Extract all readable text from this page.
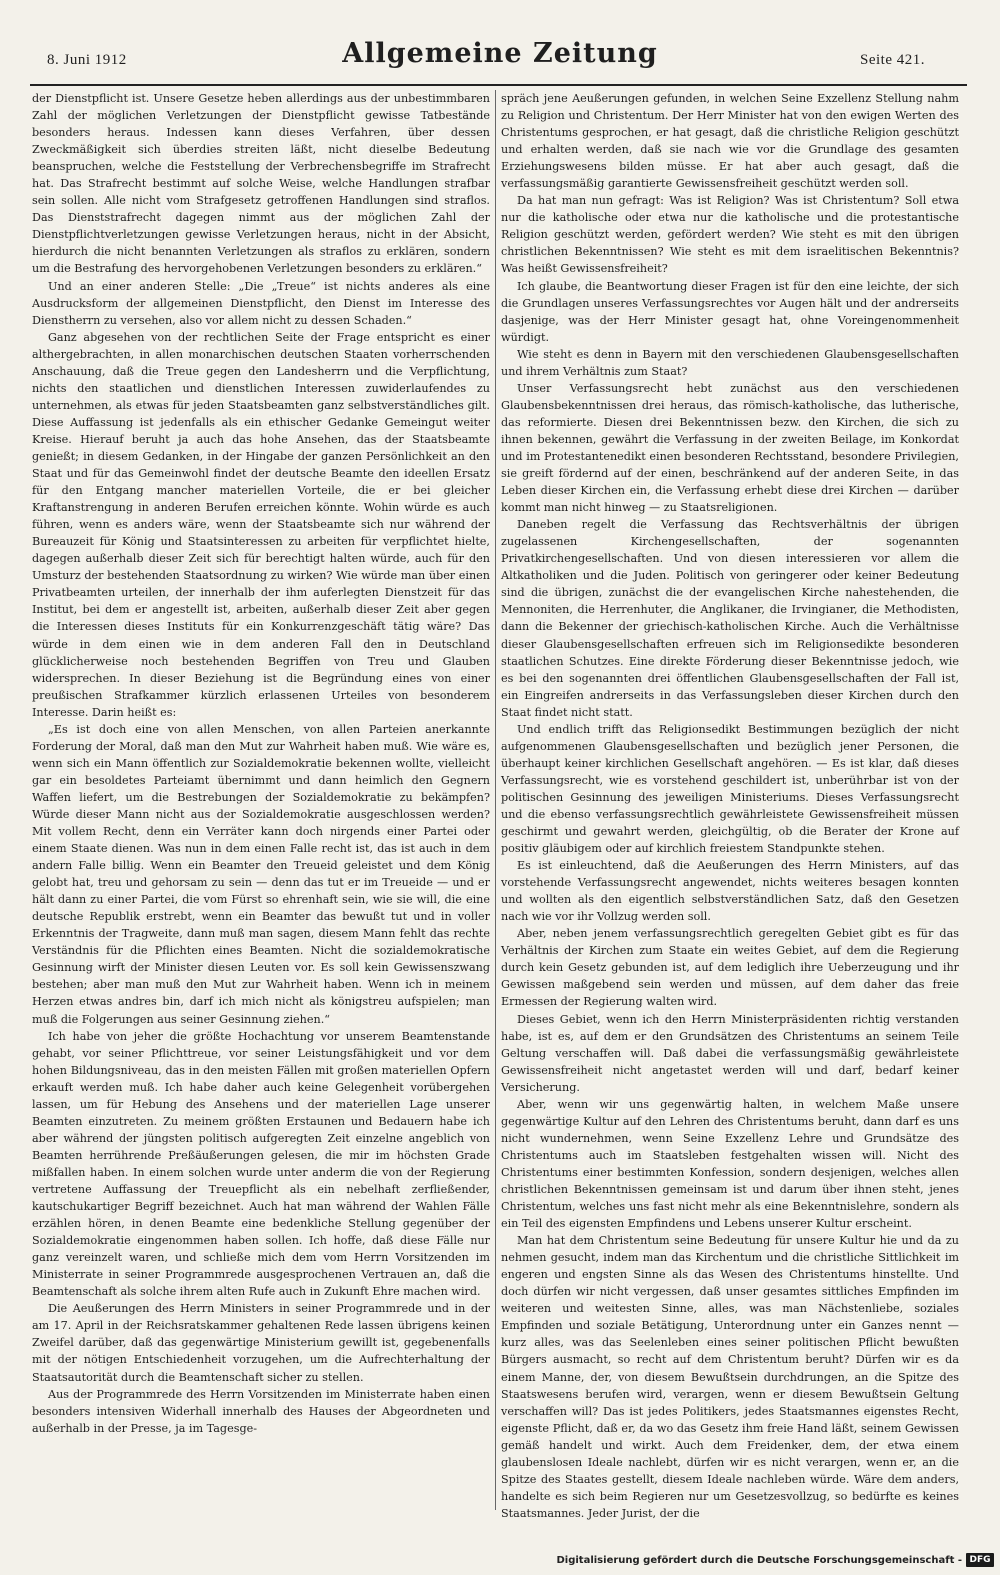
8. Juni 1912	Allgemeine Zeitung	Seite 421.

der Dienstpflicht ist. Unsere Gesetze heben allerdings aus der unbestimmbaren Zahl der möglichen Verletzungen der Dienstpflicht gewisse Tatbestände besonders heraus. Indessen kann dieses Verfahren, über dessen Zweckmäßigkeit sich überdies streiten läßt, nicht dieselbe Bedeutung beanspruchen, welche die Feststellung der Verbrechensbegriffe im Strafrecht hat. Das Strafrecht bestimmt auf solche Weise, welche Handlungen strafbar sein sollen. Alle nicht vom Strafgesetz getroffenen Handlungen sind straflos. Das Dienststrafrecht dagegen nimmt aus der möglichen Zahl der Dienstpflichtverletzungen gewisse Verletzungen heraus, nicht in der Absicht, hierdurch die nicht benannten Verletzungen als straflos zu erklären, sondern um die Bestrafung des hervorgehobenen Verletzungen besonders zu erklären.“

Und an einer anderen Stelle: „Die „Treue“ ist nichts anderes als eine Ausdrucksform der allgemeinen Dienstpflicht, den Dienst im Interesse des Dienstherrn zu versehen, also vor allem nicht zu dessen Schaden.“

Ganz abgesehen von der rechtlichen Seite der Frage entspricht es einer althergebrachten, in allen monarchischen deutschen Staaten vorherrschenden Anschauung, daß die Treue gegen den Landesherrn und die Verpflichtung, nichts den staatlichen und dienstlichen Interessen zuwiderlaufendes zu unternehmen, als etwas für jeden Staatsbeamten ganz selbstverständliches gilt. Diese Auffassung ist jedenfalls als ein ethischer Gedanke Gemeingut weiter Kreise. Hierauf beruht ja auch das hohe Ansehen, das der Staatsbeamte genießt; in diesem Gedanken, in der Hingabe der ganzen Persönlichkeit an den Staat und für das Gemeinwohl findet der deutsche Beamte den ideellen Ersatz für den Entgang mancher materiellen Vorteile, die er bei gleicher Kraftanstrengung in anderen Berufen erreichen könnte. Wohin würde es auch führen, wenn es anders wäre, wenn der Staatsbeamte sich nur während der Bureauzeit für König und Staatsinteressen zu arbeiten für verpflichtet hielte, dagegen außerhalb dieser Zeit sich für berechtigt halten würde, auch für den Umsturz der bestehenden Staatsordnung zu wirken? Wie würde man über einen Privatbeamten urteilen, der innerhalb der ihm auferlegten Dienstzeit für das Institut, bei dem er angestellt ist, arbeiten, außerhalb dieser Zeit aber gegen die Interessen dieses Instituts für ein Konkurrenzgeschäft tätig wäre? Das würde in dem einen wie in dem anderen Fall den in Deutschland glücklicherweise noch bestehenden Begriffen von Treu und Glauben widersprechen. In dieser Beziehung ist die Begründung eines von einer preußischen Strafkammer kürzlich erlassenen Urteiles von besonderem Interesse. Darin heißt es:

„Es ist doch eine von allen Menschen, von allen Parteien anerkannte Forderung der Moral, daß man den Mut zur Wahrheit haben muß. Wie wäre es, wenn sich ein Mann öffentlich zur Sozialdemokratie bekennen wollte, vielleicht gar ein besoldetes Parteiamt übernimmt und dann heimlich den Gegnern Waffen liefert, um die Bestrebungen der Sozialdemokratie zu bekämpfen? Würde dieser Mann nicht aus der Sozialdemokratie ausgeschlossen werden? Mit vollem Recht, denn ein Verräter kann doch nirgends einer Partei oder einem Staate dienen. Was nun in dem einen Falle recht ist, das ist auch in dem andern Falle billig. Wenn ein Beamter den Treueid geleistet und dem König gelobt hat, treu und gehorsam zu sein — denn das tut er im Treueide — und er hält dann zu einer Partei, die vom Fürst so ehrenhaft sein, wie sie will, die eine deutsche Republik erstrebt, wenn ein Beamter das bewußt tut und in voller Erkenntnis der Tragweite, dann muß man sagen, diesem Mann fehlt das rechte Verständnis für die Pflichten eines Beamten. Nicht die sozialdemokratische Gesinnung wirft der Minister diesen Leuten vor. Es soll kein Gewissenszwang bestehen; aber man muß den Mut zur Wahrheit haben. Wenn ich in meinem Herzen etwas andres bin, darf ich mich nicht als königstreu aufspielen; man muß die Folgerungen aus seiner Gesinnung ziehen.“

Ich habe von jeher die größte Hochachtung vor unserem Beamtenstande gehabt, vor seiner Pflichttreue, vor seiner Leistungsfähigkeit und vor dem hohen Bildungsniveau, das in den meisten Fällen mit großen materiellen Opfern erkauft werden muß. Ich habe daher auch keine Gelegenheit vorübergehen lassen, um für Hebung des Ansehens und der materiellen Lage unserer Beamten einzutreten. Zu meinem größten Erstaunen und Bedauern habe ich aber während der jüngsten politisch aufgeregten Zeit einzelne angeblich von Beamten herrührende Preßäußerungen gelesen, die mir im höchsten Grade mißfallen haben. In einem solchen wurde unter anderm die von der Regierung vertretene Auffassung der Treuepflicht als ein nebelhaft zerfließender, kautschukartiger Begriff bezeichnet. Auch hat man während der Wahlen Fälle erzählen hören, in denen Beamte eine bedenkliche Stellung gegenüber der Sozialdemokratie eingenommen haben sollen. Ich hoffe, daß diese Fälle nur ganz vereinzelt waren, und schließe mich dem vom Herrn Vorsitzenden im Ministerrate in seiner Programmrede ausgesprochenen Vertrauen an, daß die Beamtenschaft als solche ihrem alten Rufe auch in Zukunft Ehre machen wird.

Die Aeußerungen des Herrn Ministers in seiner Programmrede und in der am 17. April in der Reichsratskammer gehaltenen Rede lassen übrigens keinen Zweifel darüber, daß das gegenwärtige Ministerium gewillt ist, gegebenenfalls mit der nötigen Entschiedenheit vorzugehen, um die Aufrechterhaltung der Staatsautorität durch die Beamtenschaft sicher zu stellen.

Aus der Programmrede des Herrn Vorsitzenden im Ministerrate haben einen besonders intensiven Widerhall innerhalb des Hauses der Abgeordneten und außerhalb in der Presse, ja im Tagesge-

spräch jene Aeußerungen gefunden, in welchen Seine Exzellenz Stellung nahm zu Religion und Christentum. Der Herr Minister hat von den ewigen Werten des Christentums gesprochen, er hat gesagt, daß die christliche Religion geschützt und erhalten werden, daß sie nach wie vor die Grundlage des gesamten Erziehungswesens bilden müsse. Er hat aber auch gesagt, daß die verfassungsmäßig garantierte Gewissensfreiheit geschützt werden soll.

Da hat man nun gefragt: Was ist Religion? Was ist Christentum? Soll etwa nur die katholische oder etwa nur die katholische und die protestantische Religion geschützt werden, gefördert werden? Wie steht es mit den übrigen christlichen Bekenntnissen? Wie steht es mit dem israelitischen Bekenntnis? Was heißt Gewissensfreiheit?

Ich glaube, die Beantwortung dieser Fragen ist für den eine leichte, der sich die Grundlagen unseres Verfassungsrechtes vor Augen hält und der andrerseits dasjenige, was der Herr Minister gesagt hat, ohne Voreingenommenheit würdigt.

Wie steht es denn in Bayern mit den verschiedenen Glaubensgesellschaften und ihrem Verhältnis zum Staat?

Unser Verfassungsrecht hebt zunächst aus den verschiedenen Glaubensbekenntnissen drei heraus, das römisch-katholische, das lutherische, das reformierte. Diesen drei Bekenntnissen bezw. den Kirchen, die sich zu ihnen bekennen, gewährt die Verfassung in der zweiten Beilage, im Konkordat und im Protestantenedikt einen besonderen Rechtsstand, besondere Privilegien, sie greift fördernd auf der einen, beschränkend auf der anderen Seite, in das Leben dieser Kirchen ein, die Verfassung erhebt diese drei Kirchen — darüber kommt man nicht hinweg — zu Staatsreligionen.

Daneben regelt die Verfassung das Rechtsverhältnis der übrigen zugelassenen Kirchengesellschaften, der sogenannten Privatkirchengesellschaften. Und von diesen interessieren vor allem die Altkatholiken und die Juden. Politisch von geringerer oder keiner Bedeutung sind die übrigen, zunächst die der evangelischen Kirche nahestehenden, die Mennoniten, die Herrenhuter, die Anglikaner, die Irvingianer, die Methodisten, dann die Bekenner der griechisch-katholischen Kirche. Auch die Verhältnisse dieser Glaubensgesellschaften erfreuen sich im Religionsedikte besonderen staatlichen Schutzes. Eine direkte Förderung dieser Bekenntnisse jedoch, wie es bei den sogenannten drei öffentlichen Glaubensgesellschaften der Fall ist, ein Eingreifen andrerseits in das Verfassungsleben dieser Kirchen durch den Staat findet nicht statt.

Und endlich trifft das Religionsedikt Bestimmungen bezüglich der nicht aufgenommenen Glaubensgesellschaften und bezüglich jener Personen, die überhaupt keiner kirchlichen Gesellschaft angehören. — Es ist klar, daß dieses Verfassungsrecht, wie es vorstehend geschildert ist, unberührbar ist von der politischen Gesinnung des jeweiligen Ministeriums. Dieses Verfassungsrecht und die ebenso verfassungsrechtlich gewährleistete Gewissensfreiheit müssen geschirmt und gewahrt werden, gleichgültig, ob die Berater der Krone auf positiv gläubigem oder auf kirchlich freiestem Standpunkte stehen.

Es ist einleuchtend, daß die Aeußerungen des Herrn Ministers, auf das vorstehende Verfassungsrecht angewendet, nichts weiteres besagen konnten und wollten als den eigentlich selbstverständlichen Satz, daß den Gesetzen nach wie vor ihr Vollzug werden soll.

Aber, neben jenem verfassungsrechtlich geregelten Gebiet gibt es für das Verhältnis der Kirchen zum Staate ein weites Gebiet, auf dem die Regierung durch kein Gesetz gebunden ist, auf dem lediglich ihre Ueberzeugung und ihr Gewissen maßgebend sein werden und müssen, auf dem daher das freie Ermessen der Regierung walten wird.

Dieses Gebiet, wenn ich den Herrn Ministerpräsidenten richtig verstanden habe, ist es, auf dem er den Grundsätzen des Christentums an seinem Teile Geltung verschaffen will. Daß dabei die verfassungsmäßig gewährleistete Gewissensfreiheit nicht angetastet werden will und darf, bedarf keiner Versicherung.

Aber, wenn wir uns gegenwärtig halten, in welchem Maße unsere gegenwärtige Kultur auf den Lehren des Christentums beruht, dann darf es uns nicht wundernehmen, wenn Seine Exzellenz Lehre und Grundsätze des Christentums auch im Staatsleben festgehalten wissen will. Nicht des Christentums einer bestimmten Konfession, sondern desjenigen, welches allen christlichen Bekenntnissen gemeinsam ist und darum über ihnen steht, jenes Christentum, welches uns fast nicht mehr als eine Bekenntnislehre, sondern als ein Teil des eigensten Empfindens und Lebens unserer Kultur erscheint.

Man hat dem Christentum seine Bedeutung für unsere Kultur hie und da zu nehmen gesucht, indem man das Kirchentum und die christliche Sittlichkeit im engeren und engsten Sinne als das Wesen des Christentums hinstellte. Und doch dürfen wir nicht vergessen, daß unser gesamtes sittliches Empfinden im weiteren und weitesten Sinne, alles, was man Nächstenliebe, soziales Empfinden und soziale Betätigung, Unterordnung unter ein Ganzes nennt — kurz alles, was das Seelenleben eines seiner politischen Pflicht bewußten Bürgers ausmacht, so recht auf dem Christentum beruht? Dürfen wir es da einem Manne, der, von diesem Bewußtsein durchdrungen, an die Spitze des Staatswesens berufen wird, verargen, wenn er diesem Bewußtsein Geltung verschaffen will? Das ist jedes Politikers, jedes Staatsmannes eigenstes Recht, eigenste Pflicht, daß er, da wo das Gesetz ihm freie Hand läßt, seinem Gewissen gemäß handelt und wirkt. Auch dem Freidenker, dem, der etwa einem glaubenslosen Ideale nachlebt, dürfen wir es nicht verargen, wenn er, an die Spitze des Staates gestellt, diesem Ideale nachleben würde. Wäre dem anders, handelte es sich beim Regieren nur um Gesetzesvollzug, so bedürfte es keines Staatsmannes. Jeder Jurist, der die

Digitalisierung gefördert durch die Deutsche Forschungsgemeinschaft - DFG
